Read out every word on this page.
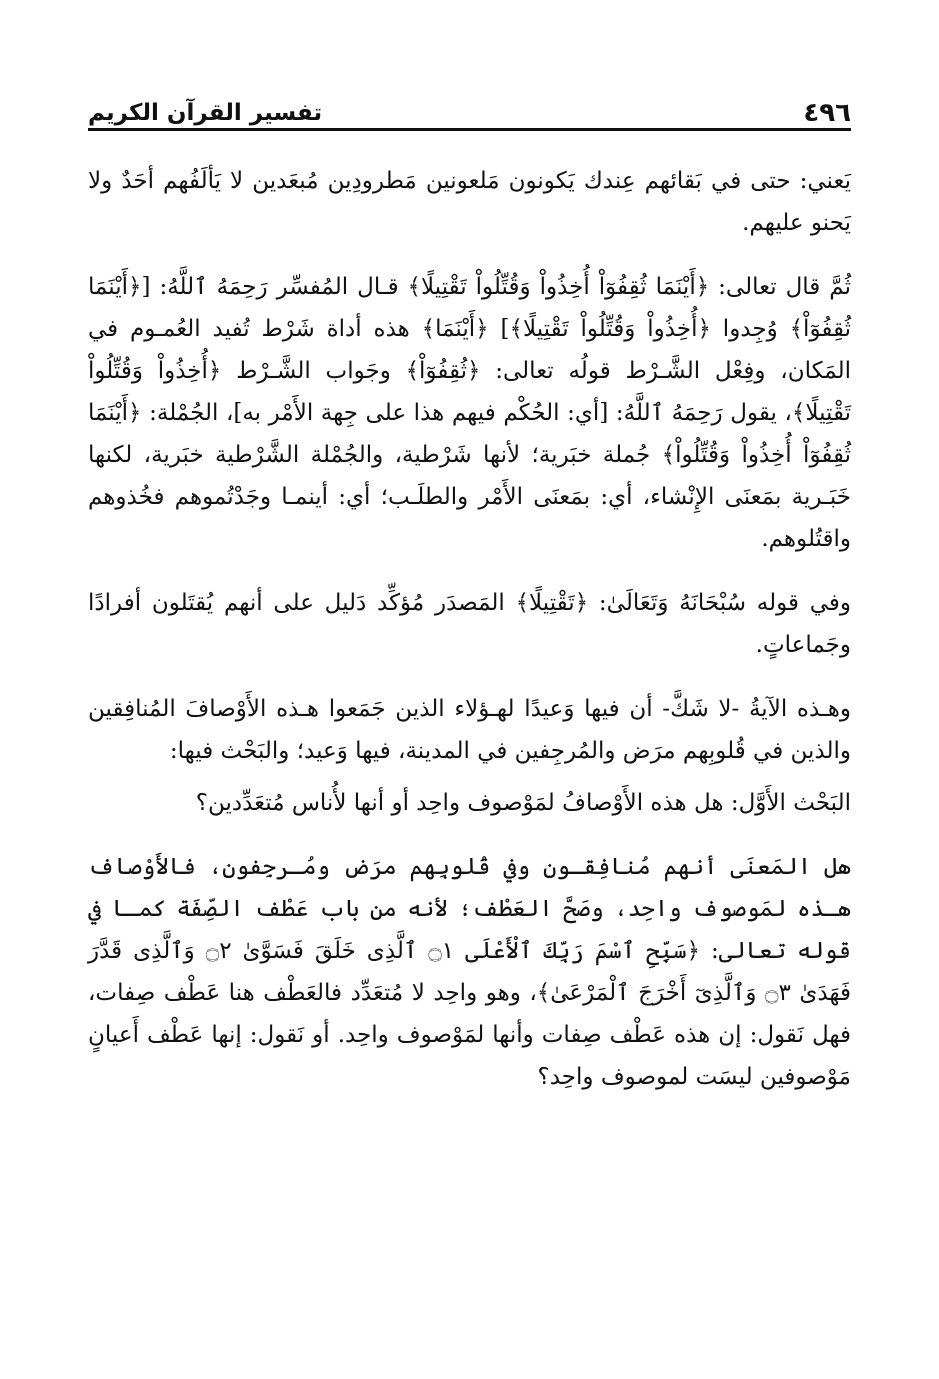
٤٩٦
تفسير القرآن الكريم

يَعني: حتى في بَقائهم عِندك يَكونون مَلعونين مَطرودِين مُبعَدين لا يَألَفُهم أحَدٌ ولا يَحنو عليهم.

ثُمَّ قال تعالى: ﴿أَيْنَمَا ثُقِفُوٓاْ أُخِذُواْ وَقُتِّلُواْ تَقْتِيلًا﴾ قـال المُفسِّر رَحِمَهُ ٱللَّهُ: [﴿أَيْنَمَا ثُقِفُوٓاْ﴾ وُجِدوا ﴿أُخِذُواْ وَقُتِّلُواْ تَقْتِيلًا﴾] ﴿أَيْنَمَا﴾ هذه أداة شَرْط تُفيد العُمـوم في المَكان، وفِعْل الشَّـرْط قولُه تعالى: ﴿ثُقِفُوٓاْ﴾ وجَواب الشَّـرْط ﴿أُخِذُواْ وَقُتِّلُواْ تَقْتِيلًا﴾، يقول رَحِمَهُ ٱللَّهُ: [أي: الحُكْم فيهم هذا على جِهة الأَمْر به]، الجُمْلة: ﴿أَيْنَمَا ثُقِفُوٓاْ أُخِذُواْ وَقُتِّلُواْ﴾ جُملة خبَرية؛ لأنها شَرْطية، والجُمْلة الشَّرْطية خبَرية، لكنها خَبَـرية بمَعنَى الإِنْشاء، أي: بمَعنَى الأَمْر والطلَـب؛ أي: أينمـا وجَدْتُموهم فخُذوهم واقتُلوهم.

وفي قوله سُبْحَانَهُ وَتَعَالَىٰ: ﴿تَقْتِيلًا﴾ المَصدَر مُؤكِّد دَليل على أنهم يُقتَلون أفرادًا وجَماعاتٍ.

وهـذه الآيةُ -لا شَكَّ- أن فيها وَعيدًا لهـؤلاء الذين جَمَعوا هـذه الأَوْصافَ المُنافِقين والذين في قُلوبِهم مرَض والمُرجِفين في المدينة، فيها وَعيد؛ والبَحْث فيها:

البَحْث الأَوَّل: هل هذه الأَوْصافُ لمَوْصوف واحِد أو أنها لأُناس مُتعَدِّدين؟

هل المَعنَى أنهم مُنافِقـون وفي قُلوبِهم مرَض ومُـرجِفون، فالأَوْصاف هـذه لمَوصوف واحِد، وصَحَّ العَطْف؛ لأنه من باب عَطْف الصِّفَة كمـا في قوله تعالى: ﴿سَبِّحِ ٱسْمَ رَبِّكَ ٱلْأَعْلَى ۝١ ٱلَّذِى خَلَقَ فَسَوَّىٰ ۝٢ وَٱلَّذِى قَدَّرَ فَهَدَىٰ ۝٣ وَٱلَّذِىٓ أَخْرَجَ ٱلْمَرْعَىٰ﴾، وهو واحِد لا مُتعَدِّد فالعَطْف هنا عَطْف صِفات، فهل نَقول: إن هذه عَطْف صِفات وأنها لمَوْصوف واحِد. أو نَقول: إنها عَطْف أَعيانٍ مَوْصوفين ليسَت لموصوف واحِد؟
